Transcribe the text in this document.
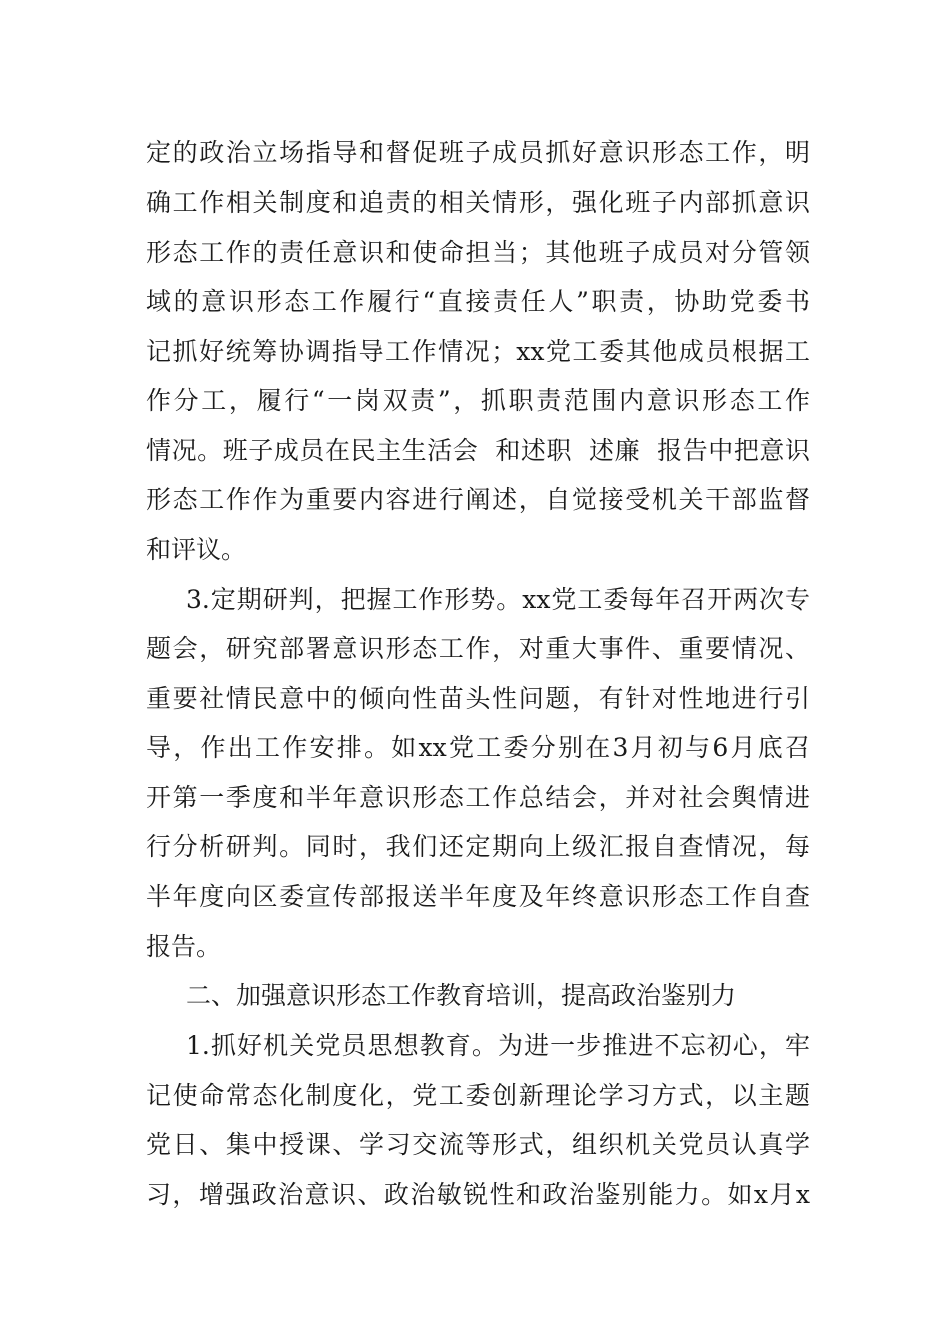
定的政治立场指导和督促班子成员抓好意识形态工作，明
确工作相关制度和追责的相关情形，强化班子内部抓意识
形态工作的责任意识和使命担当；其他班子成员对分管领
域的意识形态工作履行“直接责任人”职责，协助党委书
记抓好统筹协调指导工作情况；xx党工委其他成员根据工
作分工，履行“一岗双责”，抓职责范围内意识形态工作
情况。班子成员在民主生活会  和述职  述廉  报告中把意识
形态工作作为重要内容进行阐述，自觉接受机关干部监督
和评议。
3.定期研判，把握工作形势。xx党工委每年召开两次专
题会，研究部署意识形态工作，对重大事件、重要情况、
重要社情民意中的倾向性苗头性问题，有针对性地进行引
导，作出工作安排。如xx党工委分别在3月初与6月底召
开第一季度和半年意识形态工作总结会，并对社会舆情进
行分析研判。同时，我们还定期向上级汇报自查情况，每
半年度向区委宣传部报送半年度及年终意识形态工作自查
报告。
二、加强意识形态工作教育培训，提高政治鉴别力
1.抓好机关党员思想教育。为进一步推进不忘初心，牢
记使命常态化制度化，党工委创新理论学习方式，以主题
党日、集中授课、学习交流等形式，组织机关党员认真学
习，增强政治意识、政治敏锐性和政治鉴别能力。如x月x
